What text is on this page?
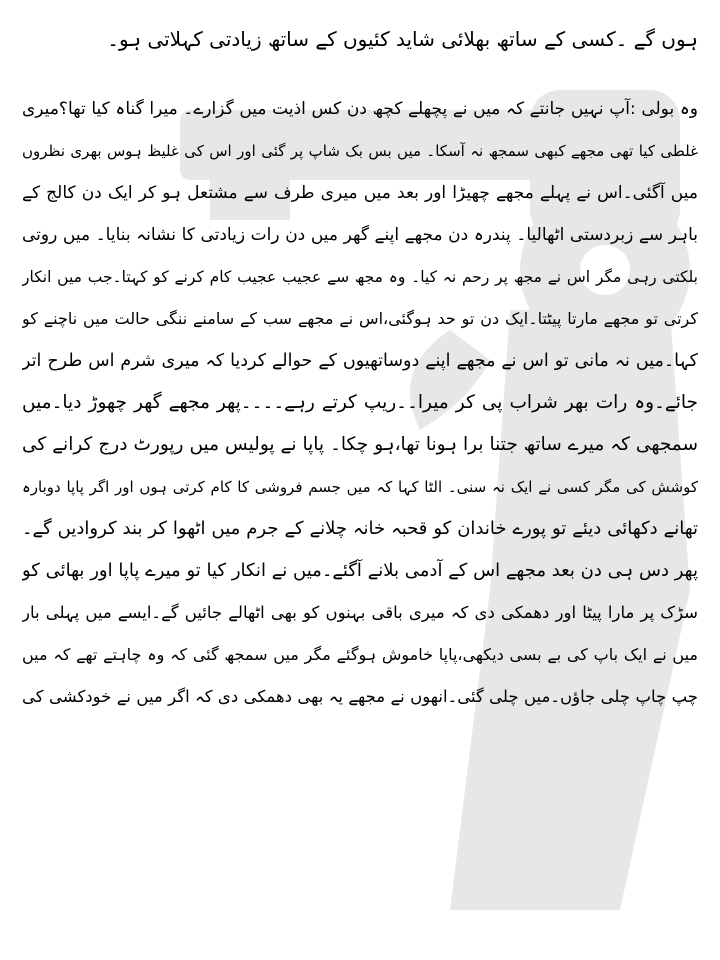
ہوں گے ۔کسی کے ساتھ بھلائی شاید کئیوں کے ساتھ زیادتی کہلاتی ہو۔
وہ بولی :آپ نہیں جانتے کہ میں نے پچھلے کچھ دن کس اذیت میں گزارے۔ میرا گناہ کیا تھا؟میری
غلطی کیا تھی مجھے کبھی سمجھ نہ آسکا۔ میں بس بک شاپ پر گئی اور اس کی غلیظ ہوس بھری نظروں
میں آگئی۔اس نے پہلے مجھے چھیڑا اور بعد میں میری طرف سے مشتعل ہو کر ایک دن کالج کے
باہر سے زبردستی اٹھالیا۔ پندرہ دن مجھے اپنے گھر میں دن رات زیادتی کا نشانہ بنایا۔ میں روتی
بلکتی رہی مگر اس نے مجھ پر رحم نہ کیا۔ وہ مجھ سے عجیب عجیب کام کرنے کو کہتا۔جب میں انکار
کرتی تو مجھے مارتا پیٹتا۔ایک دن تو حد ہوگئی،اس نے مجھے سب کے سامنے ننگی حالت میں ناچنے کو
کہا۔میں نہ مانی تو اس نے مجھے اپنے دوساتھیوں کے حوالے کردیا کہ میری شرم اس طرح اتر
جائے۔وہ رات بھر شراب پی کر میرا۔۔ریپ کرتے رہے۔۔۔۔پھر مجھے گھر چھوڑ دیا۔میں
سمجھی کہ میرے ساتھ جتنا برا ہونا تھا،ہو چکا۔ پاپا نے پولیس میں رپورٹ درج کرانے کی
کوشش کی مگر کسی نے ایک نہ سنی۔ الٹا کہا کہ میں جسم فروشی کا کام کرتی ہوں اور اگر پاپا دوبارہ
تھانے دکھائی دیئے تو پورے خاندان کو قحبہ خانہ چلانے کے جرم میں اٹھوا کر بند کروادیں گے۔
پھر دس ہی دن بعد مجھے اس کے آدمی بلانے آگئے۔میں نے انکار کیا تو میرے پاپا اور بھائی کو
سڑک پر مارا پیٹا اور دھمکی دی کہ میری باقی بہنوں کو بھی اٹھالے جائیں گے۔ایسے میں پہلی بار
میں نے ایک باپ کی بے بسی دیکھی،پاپا خاموش ہوگئے مگر میں سمجھ گئی کہ وہ چاہتے تھے کہ میں
چپ چاپ چلی جاؤں۔میں چلی گئی۔انھوں نے مجھے یہ بھی دھمکی دی کہ اگر میں نے خودکشی کی
